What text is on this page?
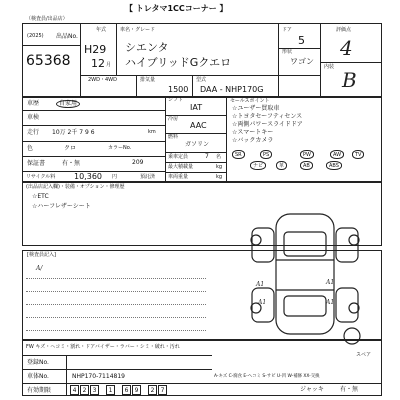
【 トレタマ1CCコーナー 】
（検査員/出品店）
(2025) 出品No.
65368
年式
H29
12 月
車名・グレード
シエンタ
ハイブリッドGクエロ
ドア
5
形状
ワゴン
評価点
4
内装
B
2WD・4WD	排気量
1500
型式
DAA - NHP170G
車歴	自家用
車検
走行 10万 2千 7 9 6	km
色	クロ	カラーNo.
209
保証書	有・無
リサイクル料 10,360 円	預託済
シフト
IAT
冷房
AAC
燃料
ガソリン
乗車定員	7 名
最大積載量	kg
車両重量	kg
セールスポイント
☆ユーザー買取車
☆トヨタセーフティセンス
☆両側パワースライドドア
☆スマートキー
☆バックカメラ
SR	PS	PW	AW	TV
ナビ	革	AB	ABS
(出品店記入欄)・装備・オプション・修理歴
☆ETC
☆ハーフレザーシート
[検査員記入]
A/
A1
A1
A1
A1
スペア
FW キズ・ヘコミ・割れ・ドアバイザー・ラバー・シミ・破れ・汚れ
登録No.
車体No.	NHP170-7114819
有効期限
A-キズ C-腐食 E-ヘコミ S-サビ U-凹 W-補修 XX-交換
4	2	3	1	6	9	2	7	ジャッキ	有・無
